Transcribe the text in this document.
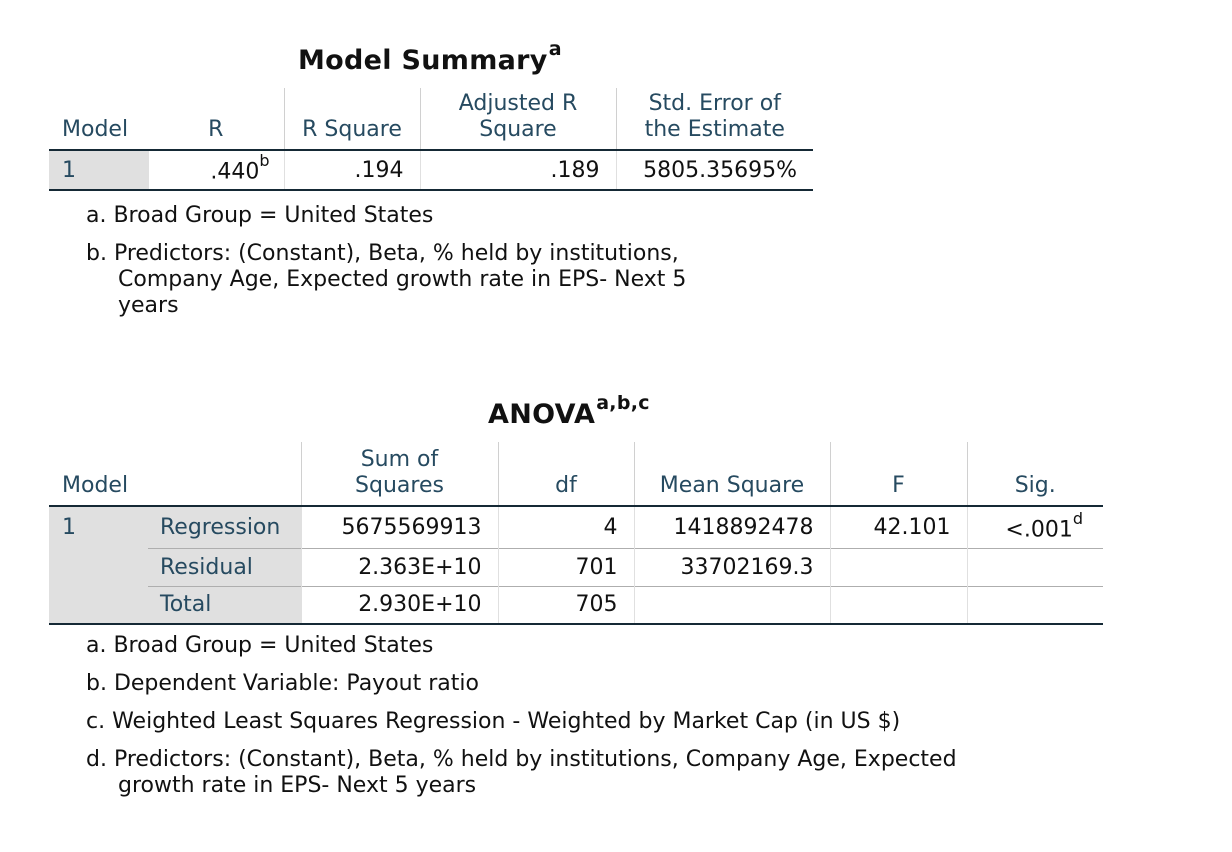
Model Summary$^a$
Model	R	R Square	Adjusted R Square	Std. Error of the Estimate

1	.440$^b$	.194	.189	5805.35695%
a. Broad Group = United States
b. Predictors: (Constant), Beta, % held by institutions, Company Age, Expected growth rate in EPS- Next 5 years
ANOVA$^{a,b,c}$
Model		Sum of Squares	df	Mean Square	F	Sig.

1	Regression	5675569913	4	1418892478	42.101	<.001$^d$
	Residual	2.363E+10	701	33702169.3		
	Total	2.930E+10	705			
a. Broad Group = United States
b. Dependent Variable: Payout ratio
c. Weighted Least Squares Regression - Weighted by Market Cap (in US $)
d. Predictors: (Constant), Beta, % held by institutions, Company Age, Expected growth rate in EPS- Next 5 years
